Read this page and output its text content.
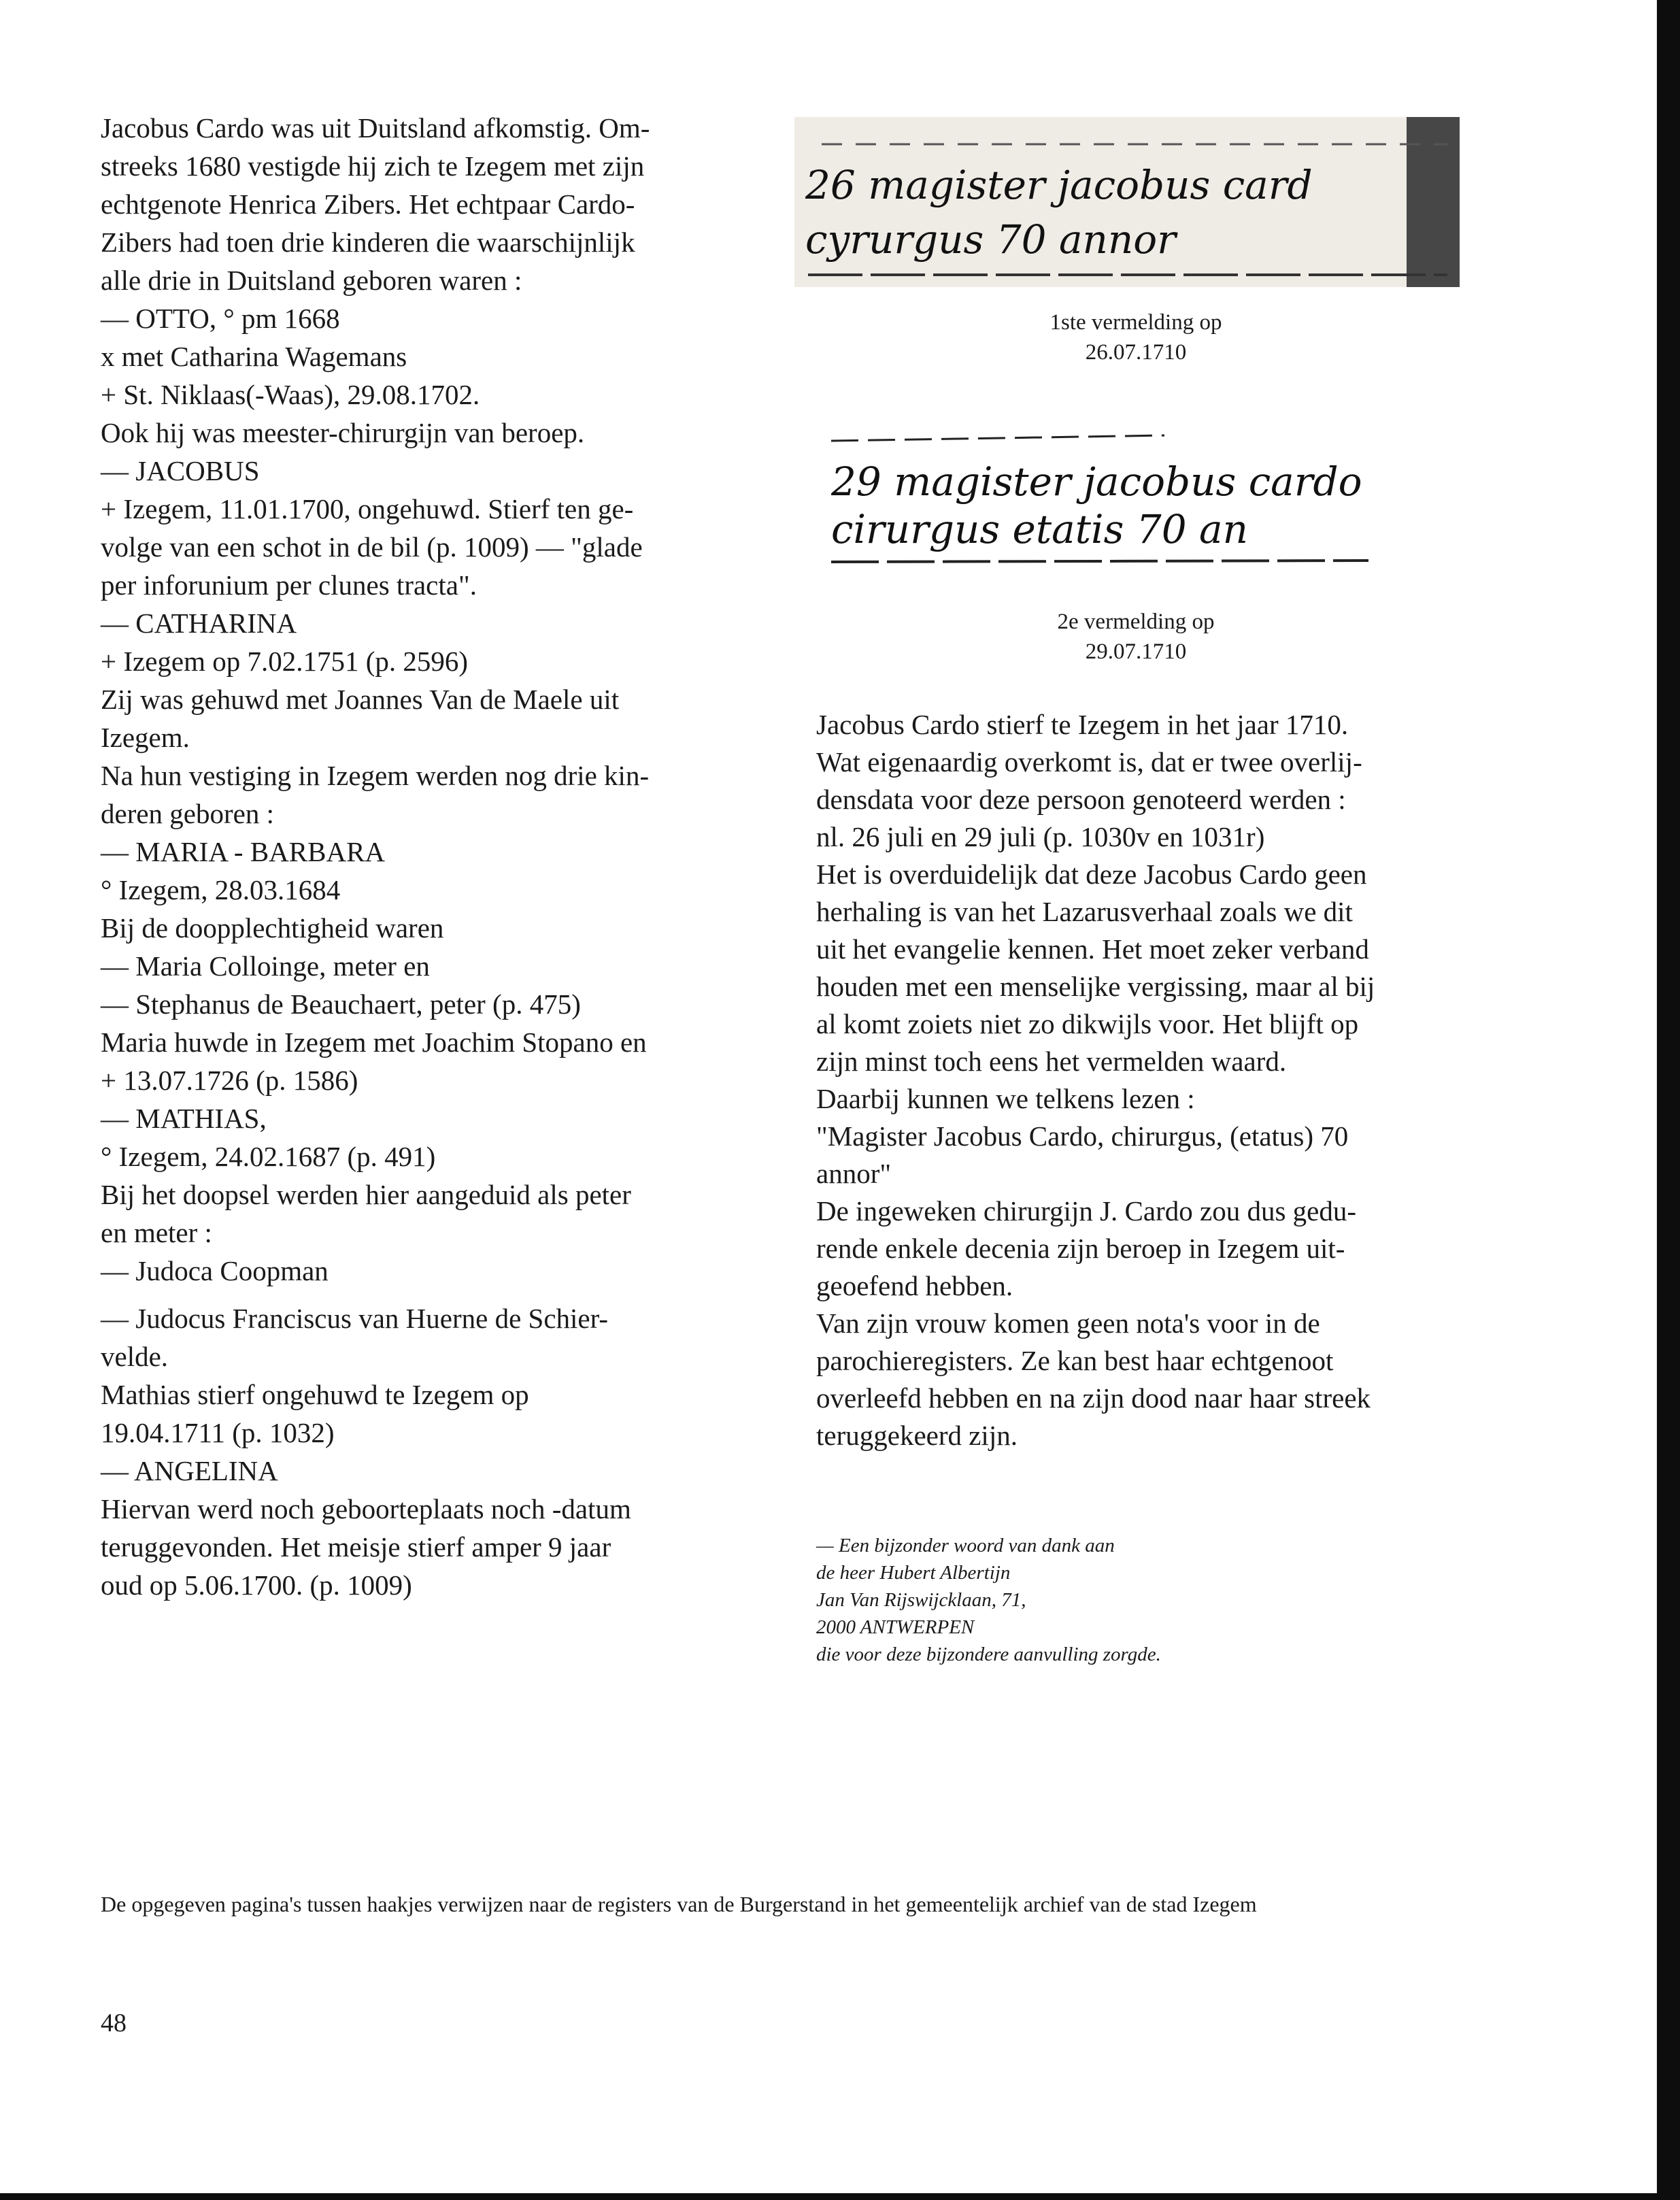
Jacobus Cardo was uit Duitsland afkomstig. Om-
streeks 1680 vestigde hij zich te Izegem met zijn
echtgenote Henrica Zibers. Het echtpaar Cardo-
Zibers had toen drie kinderen die waarschijnlijk
alle drie in Duitsland geboren waren :
— OTTO, ° pm 1668
x met Catharina Wagemans
+ St. Niklaas(-Waas), 29.08.1702.
Ook hij was meester-chirurgijn van beroep.
— JACOBUS
+ Izegem, 11.01.1700, ongehuwd. Stierf ten ge-
volge van een schot in de bil (p. 1009) — "glade
per inforunium per clunes tracta".
— CATHARINA
+ Izegem op 7.02.1751 (p. 2596)
Zij was gehuwd met Joannes Van de Maele uit
Izegem.
Na hun vestiging in Izegem werden nog drie kin-
deren geboren :
— MARIA - BARBARA
° Izegem, 28.03.1684
Bij de doopplechtigheid waren
— Maria Colloinge, meter en
— Stephanus de Beauchaert, peter (p. 475)
Maria huwde in Izegem met Joachim Stopano en
+ 13.07.1726 (p. 1586)
— MATHIAS,
° Izegem, 24.02.1687 (p. 491)
Bij het doopsel werden hier aangeduid als peter
en meter :
— Judoca Coopman
— Judocus Franciscus van Huerne de Schier-
velde.
Mathias stierf ongehuwd te Izegem op
19.04.1711 (p. 1032)
— ANGELINA
Hiervan werd noch geboorteplaats noch -datum
teruggevonden. Het meisje stierf amper 9 jaar
oud op 5.06.1700. (p. 1009)
26 magister jacobus card
cyrurgus 70 annor
1ste vermelding op
26.07.1710
29 magister jacobus cardo
cirurgus etatis 70 an
2e vermelding op
29.07.1710
Jacobus Cardo stierf te Izegem in het jaar 1710.
Wat eigenaardig overkomt is, dat er twee overlij-
densdata voor deze persoon genoteerd werden :
nl. 26 juli en 29 juli (p. 1030v en 1031r)
Het is overduidelijk dat deze Jacobus Cardo geen
herhaling is van het Lazarusverhaal zoals we dit
uit het evangelie kennen. Het moet zeker verband
houden met een menselijke vergissing, maar al bij
al komt zoiets niet zo dikwijls voor. Het blijft op
zijn minst toch eens het vermelden waard.
Daarbij kunnen we telkens lezen :
"Magister Jacobus Cardo, chirurgus, (etatus) 70
annor"
De ingeweken chirurgijn J. Cardo zou dus gedu-
rende enkele decenia zijn beroep in Izegem uit-
geoefend hebben.
Van zijn vrouw komen geen nota's voor in de
parochieregisters. Ze kan best haar echtgenoot
overleefd hebben en na zijn dood naar haar streek
teruggekeerd zijn.
— Een bijzonder woord van dank aan
de heer Hubert Albertijn
Jan Van Rijswijcklaan, 71,
2000 ANTWERPEN
die voor deze bijzondere aanvulling zorgde.
De opgegeven pagina's tussen haakjes verwijzen naar de registers van de Burgerstand in het gemeentelijk archief van de stad Izegem
48
